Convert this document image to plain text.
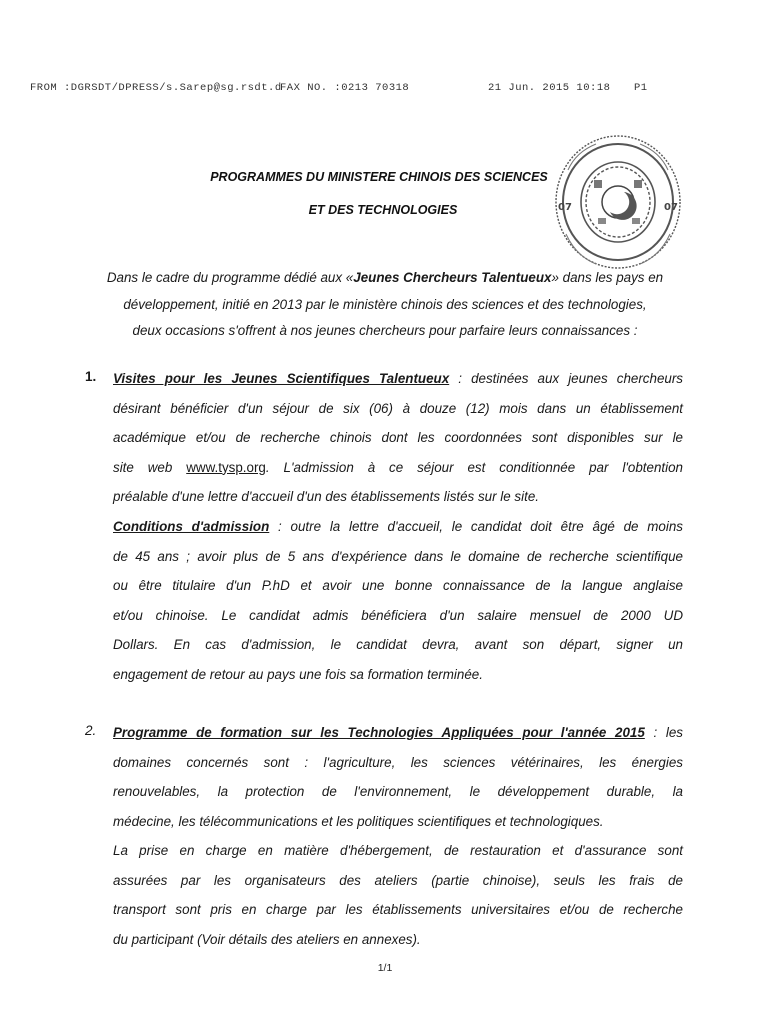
FROM :DGRSDT/DPRESS/s.Sarep@sg.rsdt.d
FAX NO. :0213 70318	21 Jun. 2015 10:18 P1
PROGRAMMES DU MINISTERE CHINOIS DES SCIENCES
ET DES TECHNOLOGIES	07	07
Dans le cadre du programme dédié aux «Jeunes Chercheurs Talentueux» dans les pays en
développement, initié en 2013 par le ministère chinois des sciences et des technologies,
deux occasions s'offrent à nos jeunes chercheurs pour parfaire leurs connaissances :
1. Visites pour les Jeunes Scientifiques Talentueux : destinées aux jeunes chercheurs
désirant bénéficier d'un séjour de six (06) à douze (12) mois dans un établissement
académique et/ou de recherche chinois dont les coordonnées sont disponibles sur le
site web www.tysp.org. L'admission à ce séjour est conditionnée par l'obtention
préalable d'une lettre d'accueil d'un des établissements listés sur le site.
Conditions d'admission : outre la lettre d'accueil, le candidat doit être âgé de moins
de 45 ans ; avoir plus de 5 ans d'expérience dans le domaine de recherche scientifique
ou être titulaire d'un P.hD et avoir une bonne connaissance de la langue anglaise
et/ou chinoise. Le candidat admis bénéficiera d'un salaire mensuel de 2000 UD
Dollars. En cas d'admission, le candidat devra, avant son départ, signer un
engagement de retour au pays une fois sa formation terminée.
2. Programme de formation sur les Technologies Appliquées pour l'année 2015 : les
domaines concernés sont : l'agriculture, les sciences vétérinaires, les énergies
renouvelables, la protection de l'environnement, le développement durable, la
médecine, les télécommunications et les politiques scientifiques et technologiques.
La prise en charge en matière d'hébergement, de restauration et d'assurance sont
assurées par les organisateurs des ateliers (partie chinoise), seuls les frais de
transport sont pris en charge par les établissements universitaires et/ou de recherche
du participant (Voir détails des ateliers en annexes).
1/1
